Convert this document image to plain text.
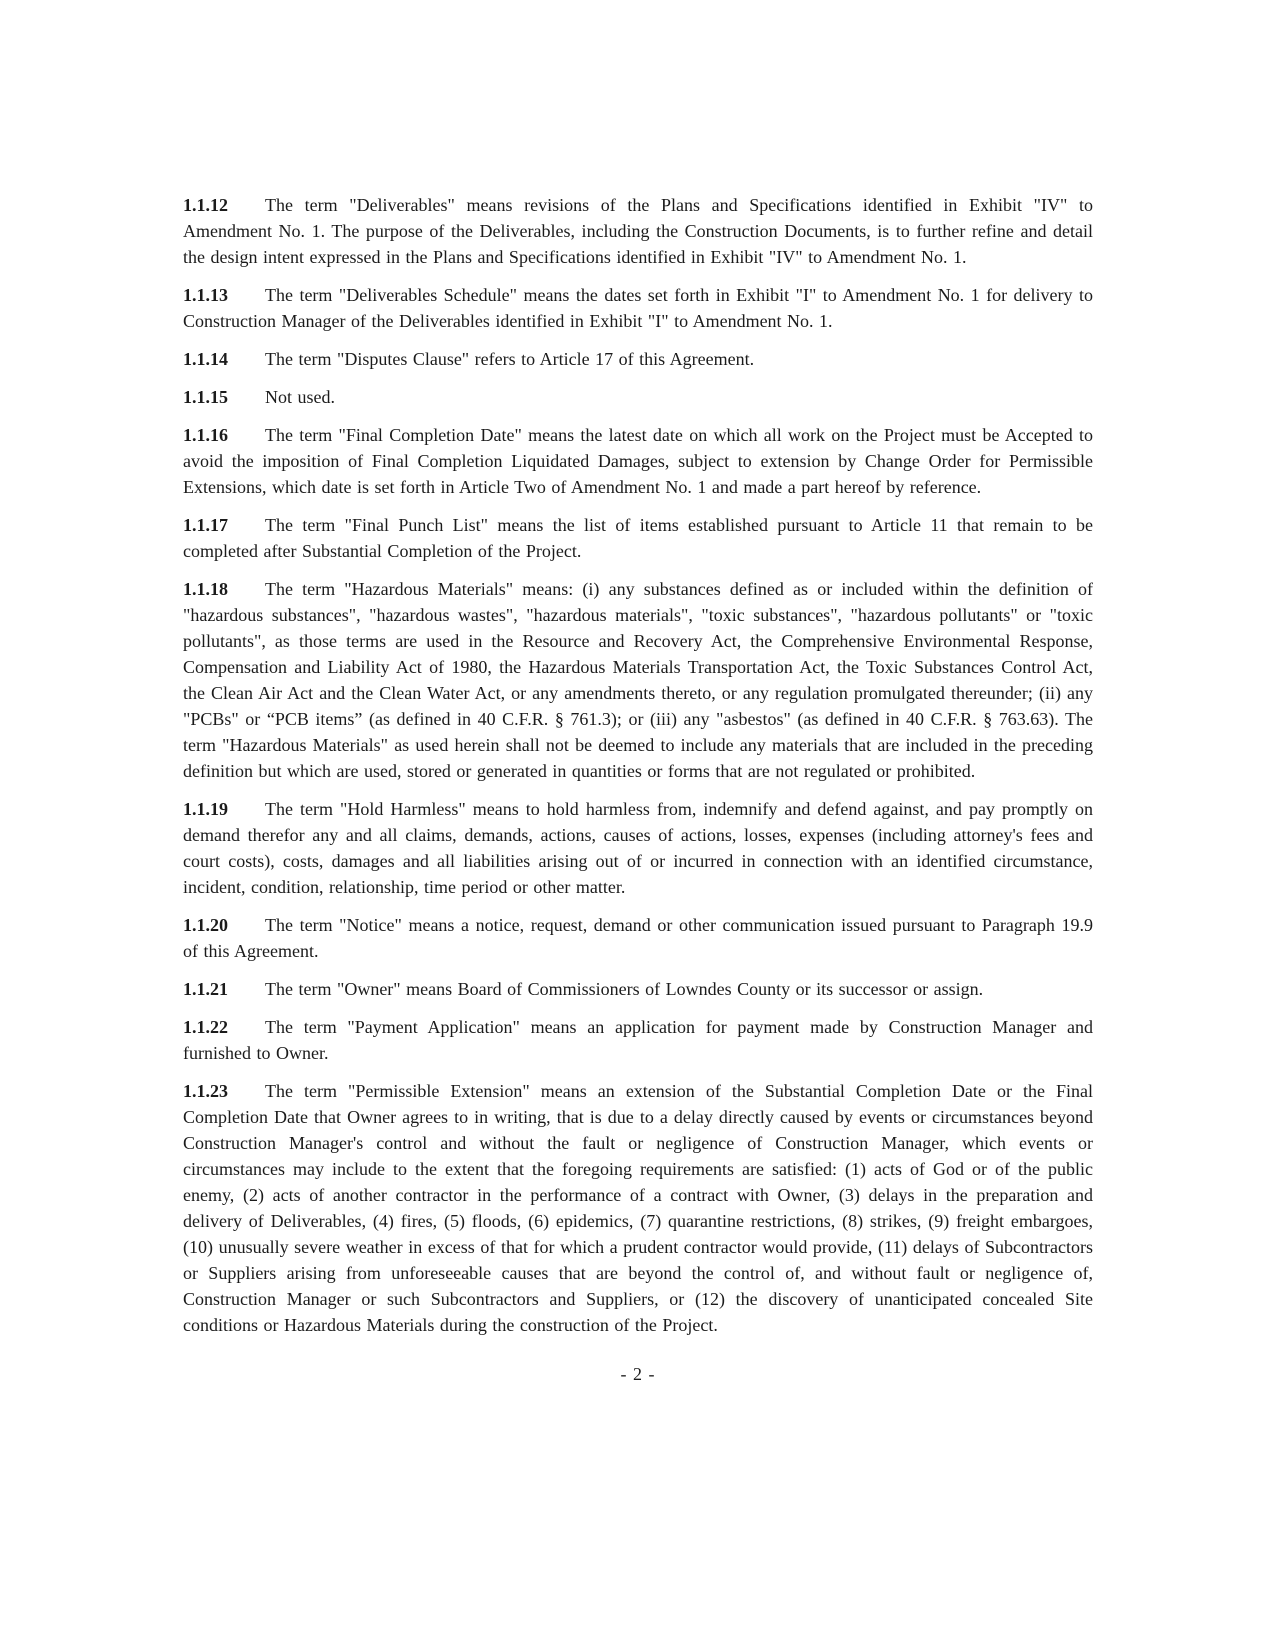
1.1.12 The term "Deliverables" means revisions of the Plans and Specifications identified in Exhibit "IV" to Amendment No. 1. The purpose of the Deliverables, including the Construction Documents, is to further refine and detail the design intent expressed in the Plans and Specifications identified in Exhibit "IV" to Amendment No. 1.

1.1.13 The term "Deliverables Schedule" means the dates set forth in Exhibit "I" to Amendment No. 1 for delivery to Construction Manager of the Deliverables identified in Exhibit "I" to Amendment No. 1.

1.1.14 The term "Disputes Clause" refers to Article 17 of this Agreement.

1.1.15 Not used.

1.1.16 The term "Final Completion Date" means the latest date on which all work on the Project must be Accepted to avoid the imposition of Final Completion Liquidated Damages, subject to extension by Change Order for Permissible Extensions, which date is set forth in Article Two of Amendment No. 1 and made a part hereof by reference.

1.1.17 The term "Final Punch List" means the list of items established pursuant to Article 11 that remain to be completed after Substantial Completion of the Project.

1.1.18 The term "Hazardous Materials" means: (i) any substances defined as or included within the definition of "hazardous substances", "hazardous wastes", "hazardous materials", "toxic substances", "hazardous pollutants" or "toxic pollutants", as those terms are used in the Resource and Recovery Act, the Comprehensive Environmental Response, Compensation and Liability Act of 1980, the Hazardous Materials Transportation Act, the Toxic Substances Control Act, the Clean Air Act and the Clean Water Act, or any amendments thereto, or any regulation promulgated thereunder; (ii) any "PCBs" or “PCB items” (as defined in 40 C.F.R. § 761.3); or (iii) any "asbestos" (as defined in 40 C.F.R. § 763.63). The term "Hazardous Materials" as used herein shall not be deemed to include any materials that are included in the preceding definition but which are used, stored or generated in quantities or forms that are not regulated or prohibited.

1.1.19 The term "Hold Harmless" means to hold harmless from, indemnify and defend against, and pay promptly on demand therefor any and all claims, demands, actions, causes of actions, losses, expenses (including attorney's fees and court costs), costs, damages and all liabilities arising out of or incurred in connection with an identified circumstance, incident, condition, relationship, time period or other matter.

1.1.20 The term "Notice" means a notice, request, demand or other communication issued pursuant to Paragraph 19.9 of this Agreement.

1.1.21 The term "Owner" means Board of Commissioners of Lowndes County or its successor or assign.

1.1.22 The term "Payment Application" means an application for payment made by Construction Manager and furnished to Owner.

1.1.23 The term "Permissible Extension" means an extension of the Substantial Completion Date or the Final Completion Date that Owner agrees to in writing, that is due to a delay directly caused by events or circumstances beyond Construction Manager's control and without the fault or negligence of Construction Manager, which events or circumstances may include to the extent that the foregoing requirements are satisfied: (1) acts of God or of the public enemy, (2) acts of another contractor in the performance of a contract with Owner, (3) delays in the preparation and delivery of Deliverables, (4) fires, (5) floods, (6) epidemics, (7) quarantine restrictions, (8) strikes, (9) freight embargoes, (10) unusually severe weather in excess of that for which a prudent contractor would provide, (11) delays of Subcontractors or Suppliers arising from unforeseeable causes that are beyond the control of, and without fault or negligence of, Construction Manager or such Subcontractors and Suppliers, or (12) the discovery of unanticipated concealed Site conditions or Hazardous Materials during the construction of the Project.

- 2 -
